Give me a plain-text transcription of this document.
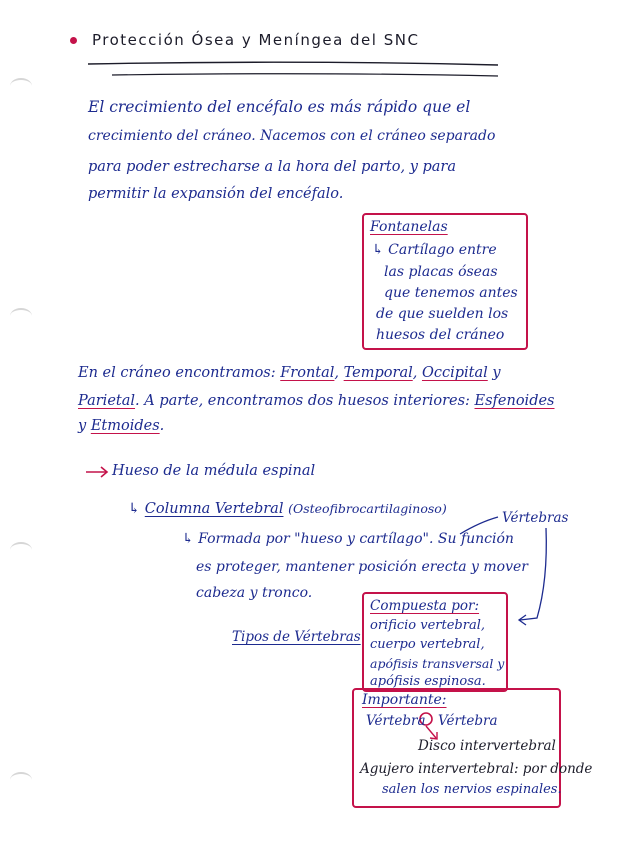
Protección Ósea y Meníngea del SNC
El crecimiento del encéfalo es más rápido que el
crecimiento del cráneo. Nacemos con el cráneo separado
para poder estrecharse a la hora del parto, y para
permitir la expansión del encéfalo.
Fontanelas
↳ Cartílago entre
las placas óseas
que tenemos antes
de que suelden los
huesos del cráneo
En el cráneo encontramos: Frontal, Temporal, Occipital y
Parietal. A parte, encontramos dos huesos interiores: Esfenoides
y Etmoides.
Hueso de la médula espinal
↳ Columna Vertebral (Osteofibrocartilaginoso)
Vértebras
↳ Formada por "hueso y cartílago". Su función
es proteger, mantener posición erecta y mover
cabeza y tronco.
Tipos de Vértebras
Compuesta por:
orificio vertebral,
cuerpo vertebral,
apófisis transversal y
apófisis espinosa.
Importante:
Vértebra Vértebra
Disco intervertebral
Agujero intervertebral: por donde
salen los nervios espinales.
